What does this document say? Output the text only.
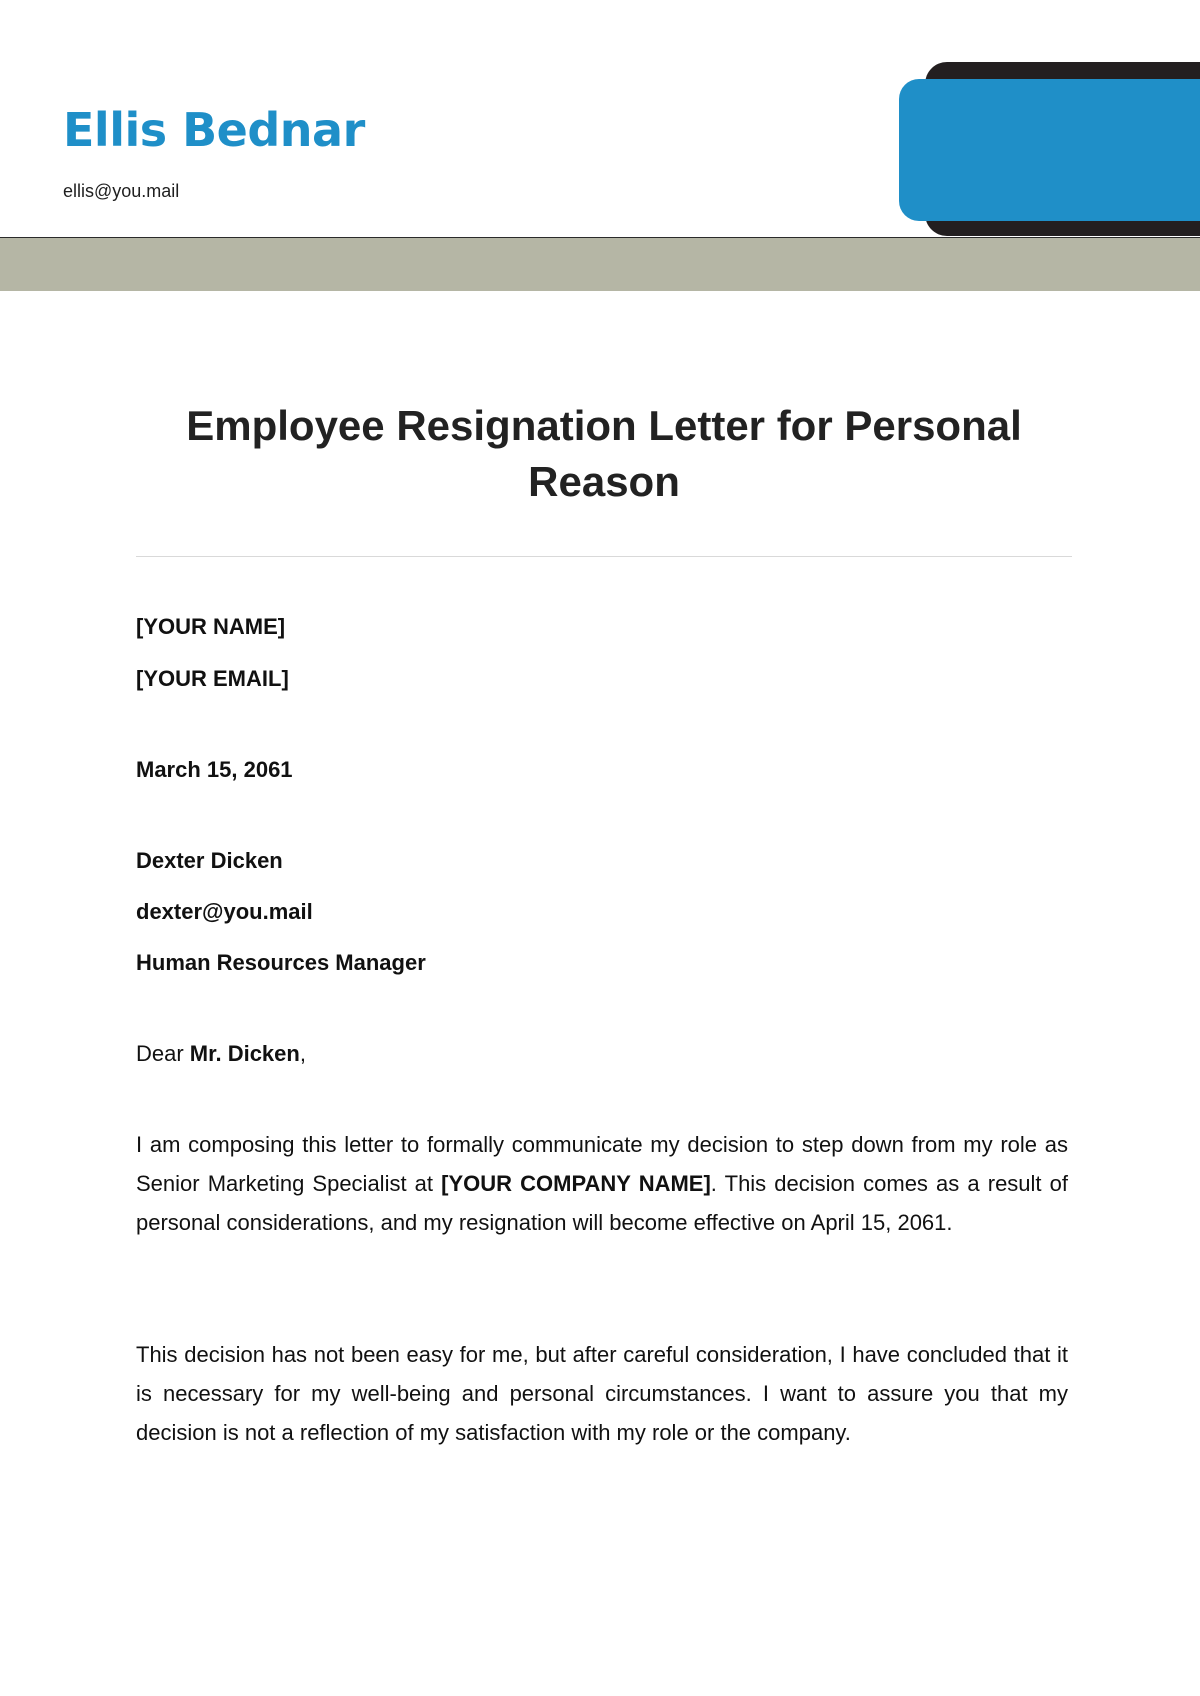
Ellis Bednar
ellis@you.mail
Employee Resignation Letter for Personal Reason
[YOUR NAME]
[YOUR EMAIL]
March 15, 2061
Dexter Dicken
dexter@you.mail
Human Resources Manager
Dear Mr. Dicken,

I am composing this letter to formally communicate my decision to step down from my role as Senior Marketing Specialist at [YOUR COMPANY NAME]. This decision comes as a result of personal considerations, and my resignation will become effective on April 15, 2061.

This decision has not been easy for me, but after careful consideration, I have concluded that it is necessary for my well-being and personal circumstances. I want to assure you that my decision is not a reflection of my satisfaction with my role or the company.
